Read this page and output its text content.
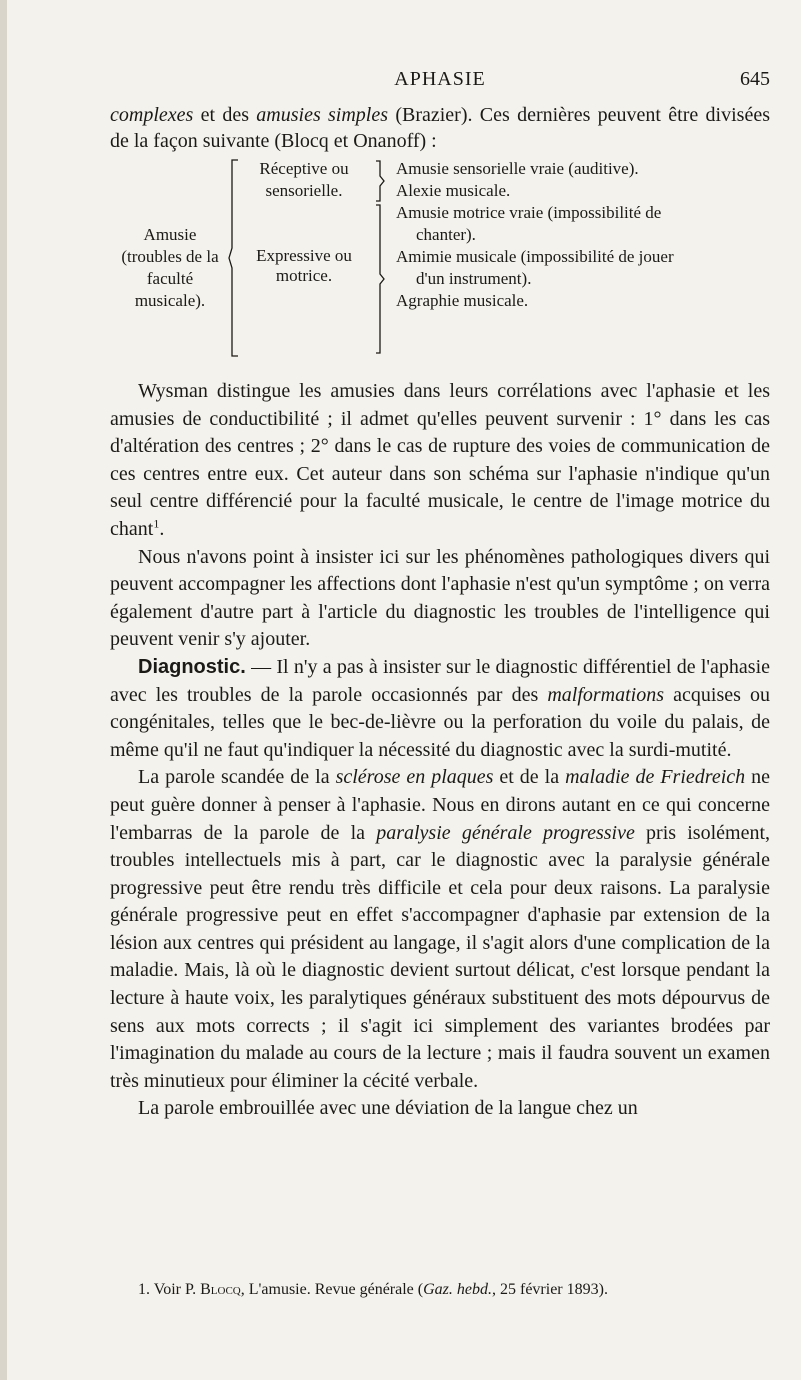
APHASIE	645
complexes et des amusies simples (Brazier). Ces dernières peuvent être divisées de la façon suivante (Blocq et Onanoff) :
Amusie
(troubles de la
faculté musicale).
Réceptive ou
sensorielle.
Expressive ou
motrice.
Amusie sensorielle vraie (auditive).
Alexie musicale.
Amusie motrice vraie (impossibilité de
chanter).
Amimie musicale (impossibilité de jouer
d'un instrument).
Agraphie musicale.

Wysman distingue les amusies dans leurs corrélations avec l'aphasie et les amusies de conductibilité ; il admet qu'elles peuvent survenir : 1° dans les cas d'altération des centres ; 2° dans le cas de rupture des voies de communication de ces centres entre eux. Cet auteur dans son schéma sur l'aphasie n'indique qu'un seul centre différencié pour la faculté musicale, le centre de l'image motrice du chant$^1$.

Nous n'avons point à insister ici sur les phénomènes pathologiques divers qui peuvent accompagner les affections dont l'aphasie n'est qu'un symptôme ; on verra également d'autre part à l'article du diagnostic les troubles de l'intelligence qui peuvent venir s'y ajouter.

Diagnostic. — Il n'y a pas à insister sur le diagnostic différentiel de l'aphasie avec les troubles de la parole occasionnés par des malformations acquises ou congénitales, telles que le bec-de-lièvre ou la perforation du voile du palais, de même qu'il ne faut qu'indiquer la nécessité du diagnostic avec la surdi-mutité.

La parole scandée de la sclérose en plaques et de la maladie de Friedreich ne peut guère donner à penser à l'aphasie. Nous en dirons autant en ce qui concerne l'embarras de la parole de la paralysie générale progressive pris isolément, troubles intellectuels mis à part, car le diagnostic avec la paralysie générale progressive peut être rendu très difficile et cela pour deux raisons. La paralysie générale progressive peut en effet s'accompagner d'aphasie par extension de la lésion aux centres qui président au langage, il s'agit alors d'une complication de la maladie. Mais, là où le diagnostic devient surtout délicat, c'est lorsque pendant la lecture à haute voix, les paralytiques généraux substituent des mots dépourvus de sens aux mots corrects ; il s'agit ici simplement des variantes brodées par l'imagination du malade au cours de la lecture ; mais il faudra souvent un examen très minutieux pour éliminer la cécité verbale.

La parole embrouillée avec une déviation de la langue chez un

1. Voir P. Blocq, L'amusie. Revue générale (Gaz. hebd., 25 février 1893).
